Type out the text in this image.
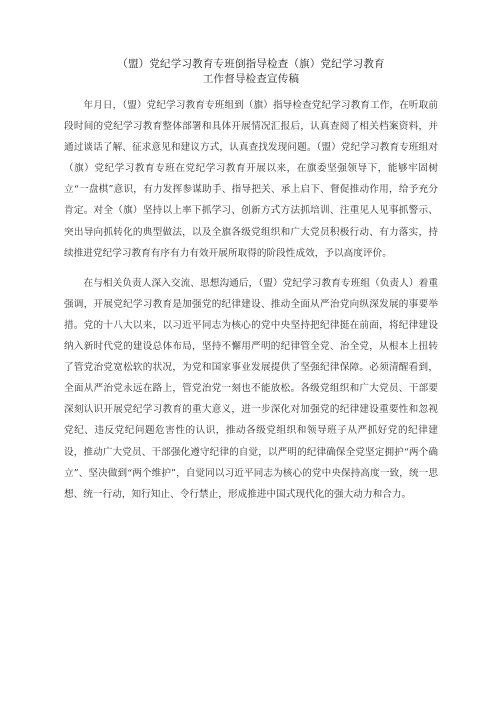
（盟）党纪学习教育专班倒指导检查（旗）党纪学习教育
工作督导检查宣传稿

年月日，（盟）党纪学习教育专班组到（旗）指导检查党纪学习教育工作，在听取前段时间的党纪学习教育整体部署和具体开展情况汇报后，认真查阅了相关档案资料，并通过谈话了解、征求意见和建议方式，认真查找发现问题。（盟）党纪学习教育专班组对（旗）党纪学习教育专班在党纪学习教育开展以来，在旗委坚强领导下，能够牢固树立“一盘棋”意识，有力发挥参谋助手、指导把关、承上启下、督促推动作用，给予充分肯定。对全（旗）坚持以上率下抓学习、创新方式方法抓培训、注重见人见事抓警示、突出导向抓转化的典型做法，以及全旗各级党组织和广大党员积极行动、有力落实，持续推进党纪学习教育有序有力有效开展所取得的阶段性成效，予以高度评价。

在与相关负责人深入交流、思想沟通后，（盟）党纪学习教育专班组（负责人）着重强调，开展党纪学习教育是加强党的纪律建设、推动全面从严治党向纵深发展的事要举措。党的十八大以来，以习近平同志为核心的党中央坚持把纪律挺在前面，将纪律建设纳入新时代党的建设总体布局，坚持不懈用严明的纪律管全党、治全党，从根本上扭转了管党治党宽松软的状况，为党和国家事业发展提供了坚强纪律保障。必须清醒看到，全面从严治党永远在路上，管党治党一刻也不能放松。各级党组织和广大党员、干部要深刻认识开展党纪学习教育的重大意义，进一步深化对加强党的纪律建设重要性和忽视党纪、违反党纪问题危害性的认识，推动各级党组织和领导班子从严抓好党的纪律建设，推动广大党员、干部强化遵守纪律的自觉，以严明的纪律确保全党坚定拥护“两个确立”、坚决做到“两个维护”，自觉同以习近平同志为核心的党中央保持高度一致，统一思想、统一行动，知行知止、令行禁止，形成推进中国式现代化的强大动力和合力。
